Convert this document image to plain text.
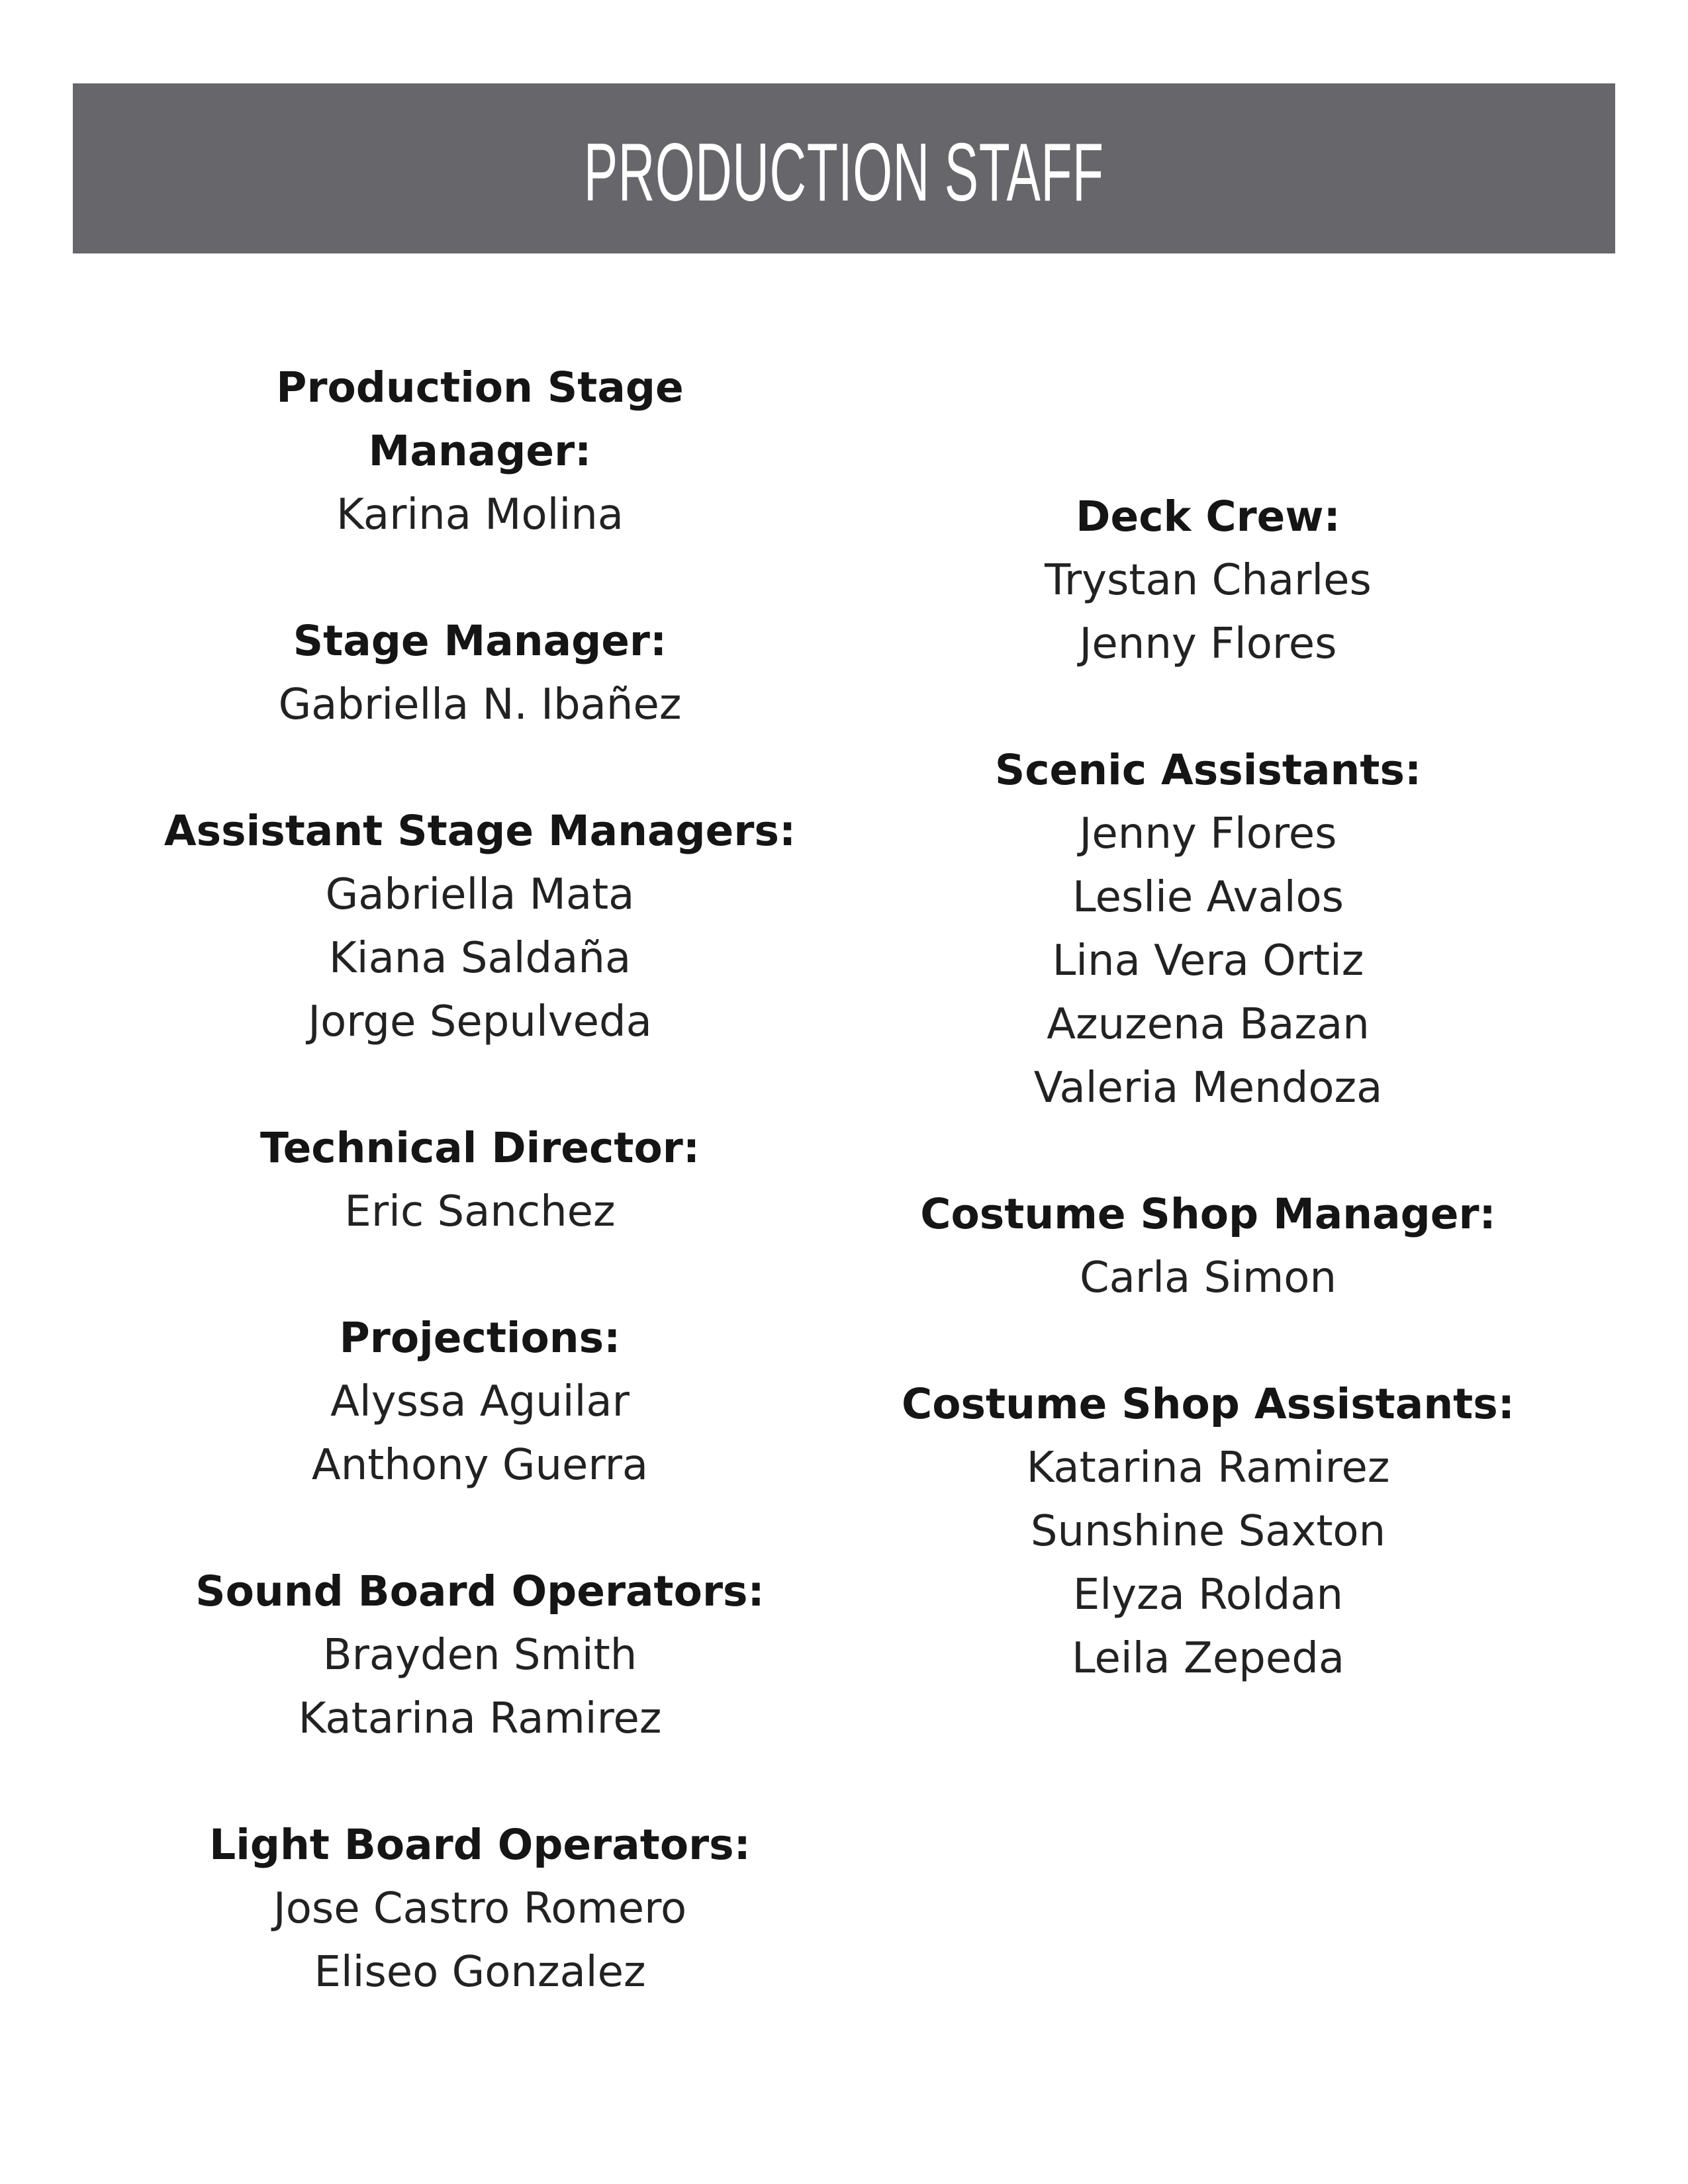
PRODUCTION STAFF
Production Stage Manager:
Karina Molina
Stage Manager:
Gabriella N. Ibañez
Assistant Stage Managers:
Gabriella Mata
Kiana Saldaña
Jorge Sepulveda
Technical Director:
Eric Sanchez
Projections:
Alyssa Aguilar
Anthony Guerra
Sound Board Operators:
Brayden Smith
Katarina Ramirez
Light Board Operators:
Jose Castro Romero
Eliseo Gonzalez
Deck Crew:
Trystan Charles
Jenny Flores
Scenic Assistants:
Jenny Flores
Leslie Avalos
Lina Vera Ortiz
Azuzena Bazan
Valeria Mendoza
Costume Shop Manager:
Carla Simon
Costume Shop Assistants:
Katarina Ramirez
Sunshine Saxton
Elyza Roldan
Leila Zepeda
